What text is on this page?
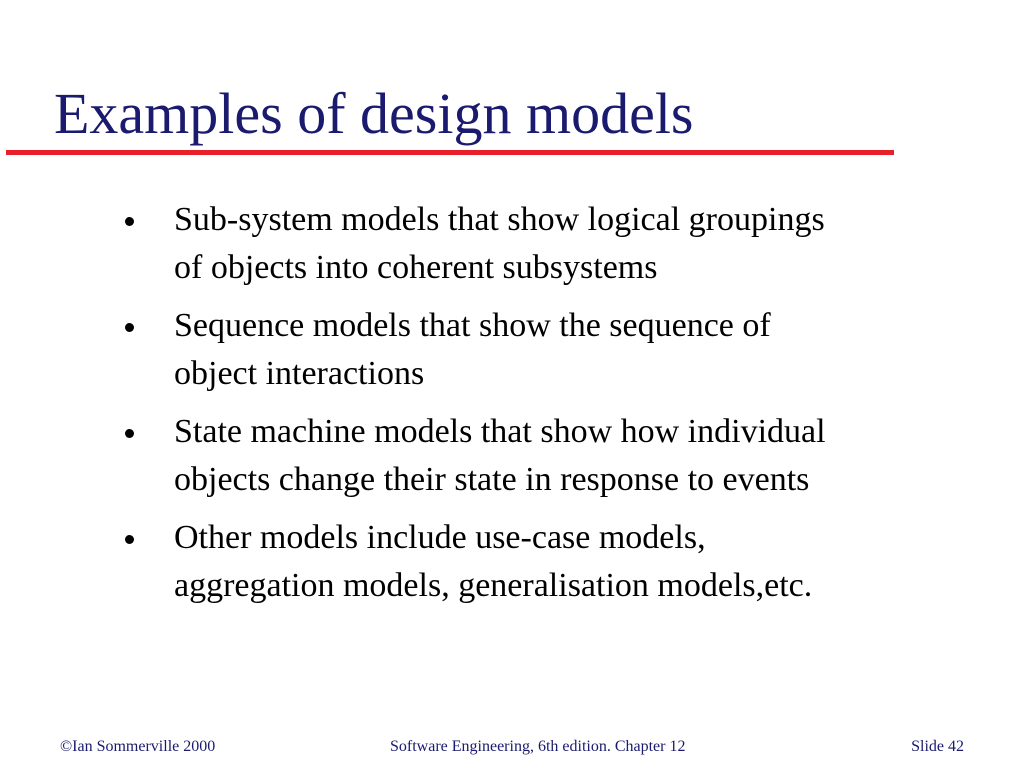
Examples of design models
Sub-system models that show logical groupings
of objects into coherent subsystems
Sequence models that show the sequence of
object interactions
State machine models that show how individual
objects change their state in response to events
Other models include use-case models,
aggregation models, generalisation models,etc.
©Ian Sommerville 2000	Software Engineering, 6th edition. Chapter 12	Slide 42
